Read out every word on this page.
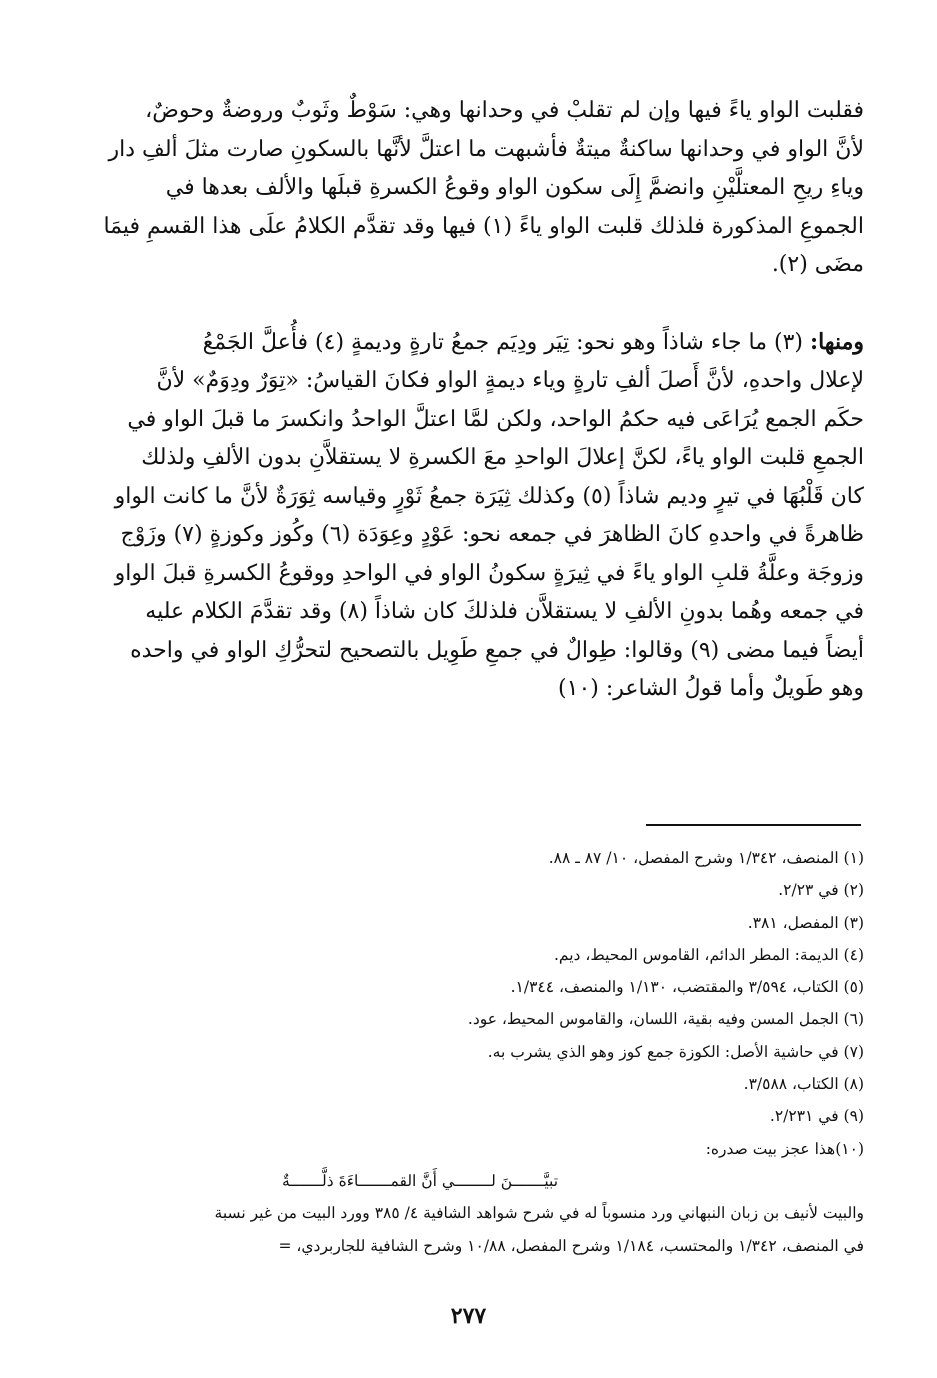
فقلبت الواو ياءً فيها وإن لم تقلبْ في وحدانها وهي: سَوْطٌ وثَوبٌ وروضةٌ وحوضٌ،

لأنَّ الواو في وحدانها ساكنةٌ ميتةٌ فأشبهت ما اعتلَّ لأنَّها بالسكونِ صارت مثلَ ألفِ دار

وياءِ ريحِ المعتلَّيْنِ وانضمَّ إِلَى سكون الواو وقوعُ الكسرةِ قبلَها والألف بعدها في

الجموعِ المذكورة فلذلك قلبت الواو ياءً (١) فيها وقد تقدَّم الكلامُ علَى هذا القسمِ فيمَا

مضَى (٢).

ومنها: (٣) ما جاء شاذاً وهو نحو: تِيَر ودِيَم جمعُ تارةٍ وديمةٍ (٤) فأُعلَّ الجَمْعُ

لإعلال واحدهِ، لأنَّ أَصلَ ألفِ تارةٍ وياء ديمةٍ الواو فكانَ القياسُ: «تِوَرٌ ودِوَمٌ» لأنَّ

حكَم الجمع يُرَاعَى فيه حكمُ الواحد، ولكن لمَّا اعتلَّ الواحدُ وانكسرَ ما قبلَ الواو في

الجمعِ قلبت الواو ياءً، لكنَّ إعلالَ الواحدِ معَ الكسرةِ لا يستقلاَّنِ بدون الألفِ ولذلك

كان قَلْبُهَا في تيرٍ وديم شاذاً (٥) وكذلك ثِيَرَة جمعُ ثَوْرٍ وقياسه ثِوَرَةٌ لأنَّ ما كانت الواو

ظاهرةً في واحدهِ كانَ الظاهرَ في جمعه نحو: عَوْدٍ وعِوَدَة (٦) وكُوز وكوزةٍ (٧) وزَوْج

وزوجَة وعلَّةُ قلبِ الواو ياءً في ثِيرَةٍ سكونُ الواو في الواحدِ ووقوعُ الكسرةِ قبلَ الواو

في جمعه وهُما بدونِ الألفِ لا يستقلاَّن فلذلكَ كان شاذاً (٨) وقد تقدَّمَ الكلام عليه

أيضاً فيما مضى (٩) وقالوا: طِوالٌ في جمعِ طَوِيل بالتصحيح لتحرُّكِ الواو في واحده

وهو طَويلٌ وأما قولُ الشاعر: (١٠)

(١) المنصف، ١/٣٤٢ وشرح المفصل، ١٠/ ٨٧ ـ ٨٨.

(٢) في ٢/٢٣.

(٣) المفصل، ٣٨١.

(٤) الديمة: المطر الدائم، القاموس المحيط، ديم.

(٥) الكتاب، ٣/٥٩٤ والمقتضب، ١/١٣٠ والمنصف، ١/٣٤٤.

(٦) الجمل المسن وفيه بقية، اللسان، والقاموس المحيط، عود.

(٧) في حاشية الأصل: الكوزة جمع كوز وهو الذي يشرب به.

(٨) الكتاب، ٣/٥٨٨.

(٩) في ٢/٢٣١.

(١٠)هذا عجز بيت صدره:

تبيَّـــــــنَ لــــــــي أَنَّ القمـــــــاءَةَ ذلَّـــــــةٌ

والبيت لأنيف بن زبان النبهاني ورد منسوباً له في شرح شواهد الشافية ٤/ ٣٨٥ وورد البيت من غير نسبة

في المنصف، ١/٣٤٢ والمحتسب، ١/١٨٤ وشرح المفصل، ١٠/٨٨ وشرح الشافية للجاربردي، =

٢٧٧
